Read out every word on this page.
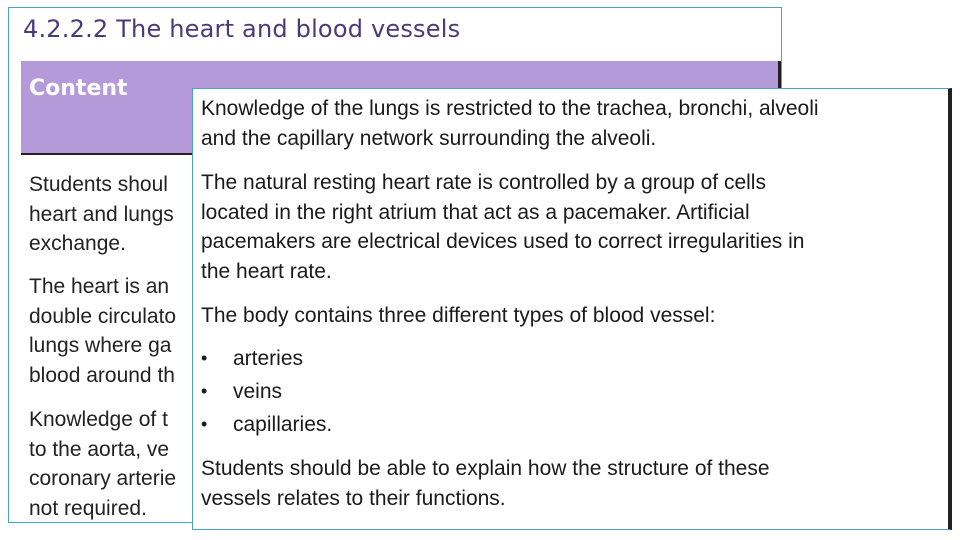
4.2.2.2 The heart and blood vessels
Content

Students shoul
heart and lungs
exchange.

The heart is an
double circulato
lungs where ga
blood around th

Knowledge of t
to the aorta, ve
coronary arterie
not required.

Knowledge of the lungs is restricted to the trachea, bronchi, alveoli
and the capillary network surrounding the alveoli.

The natural resting heart rate is controlled by a group of cells
located in the right atrium that act as a pacemaker. Artificial
pacemakers are electrical devices used to correct irregularities in
the heart rate.

The body contains three different types of blood vessel:

•	arteries
•	veins
•	capillaries.

Students should be able to explain how the structure of these
vessels relates to their functions.
